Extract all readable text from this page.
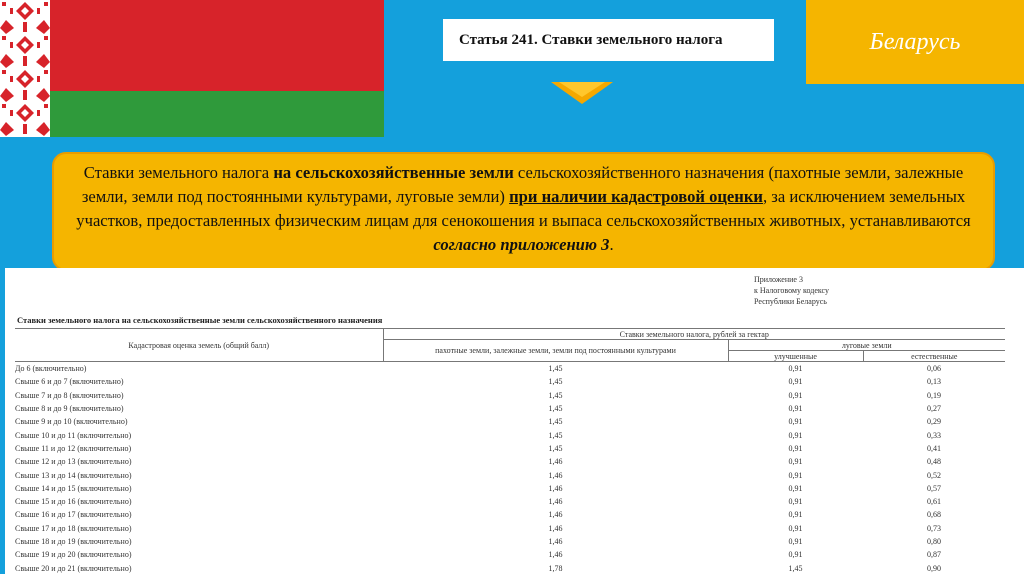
Статья 241. Ставки земельного налога	Беларусь
Ставки земельного налога на сельскохозяйственные земли сельскохозяйственного назначения (пахотные земли, залежные земли, земли под постоянными культурами, луговые земли) при наличии кадастровой оценки, за исключением земельных участков, предоставленных физическим лицам для сенокошения и выпаса сельскохозяйственных животных, устанавливаются согласно приложению 3.
Приложение 3
к Налоговому кодексу
Республики Беларусь
Ставки земельного налога на сельскохозяйственные земли сельскохозяйственного назначения
Кадастровая оценка земель (общий балл)	Ставки земельного налога, рублей за гектар		
	пахотные земли, залежные земли, земли под постоянными культурами	луговые земли	
		улучшенные	естественные
До 6 (включительно)	1,45	0,91	0,06
Свыше 6 и до 7 (включительно)	1,45	0,91	0,13
Свыше 7 и до 8 (включительно)	1,45	0,91	0,19
Свыше 8 и до 9 (включительно)	1,45	0,91	0,27
Свыше 9 и до 10 (включительно)	1,45	0,91	0,29
Свыше 10 и до 11 (включительно)	1,45	0,91	0,33
Свыше 11 и до 12 (включительно)	1,45	0,91	0,41
Свыше 12 и до 13 (включительно)	1,46	0,91	0,48
Свыше 13 и до 14 (включительно)	1,46	0,91	0,52
Свыше 14 и до 15 (включительно)	1,46	0,91	0,57
Свыше 15 и до 16 (включительно)	1,46	0,91	0,61
Свыше 16 и до 17 (включительно)	1,46	0,91	0,68
Свыше 17 и до 18 (включительно)	1,46	0,91	0,73
Свыше 18 и до 19 (включительно)	1,46	0,91	0,80
Свыше 19 и до 20 (включительно)	1,46	0,91	0,87
Свыше 20 и до 21 (включительно)	1,78	1,45	0,90
